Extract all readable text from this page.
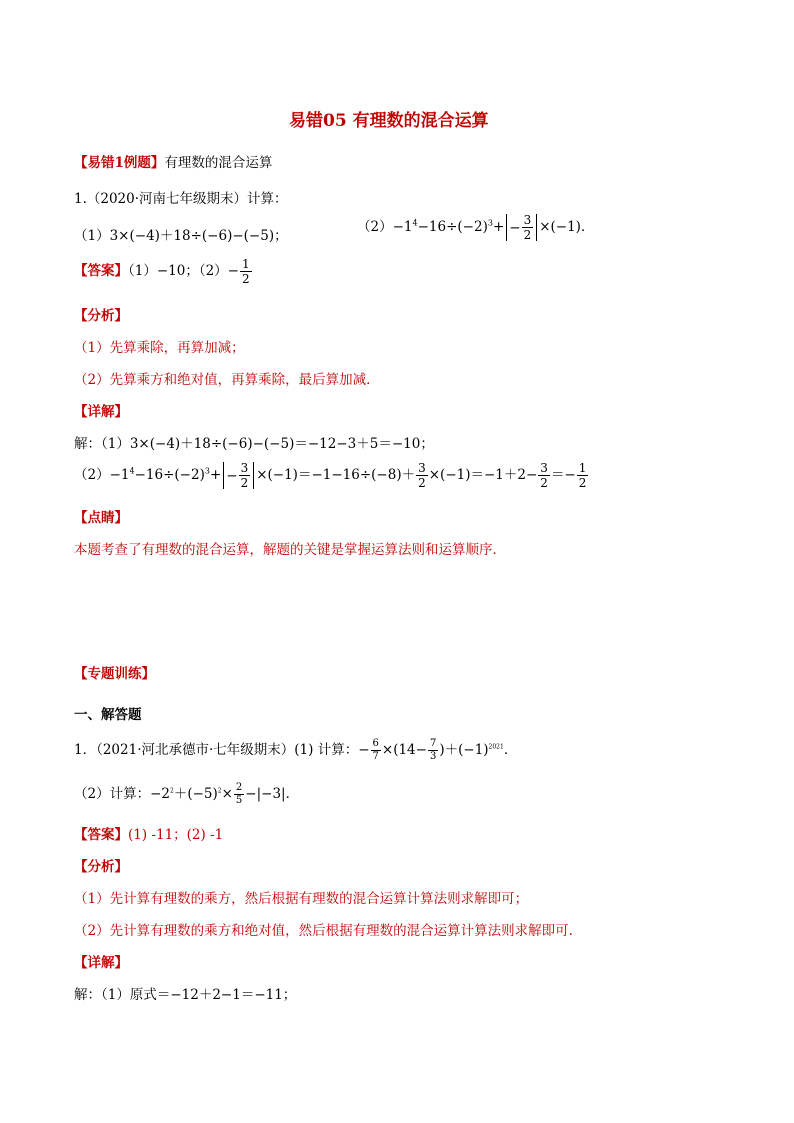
易错05 有理数的混合运算
【易错1例题】有理数的混合运算
1.（2020·河南七年级期末）计算：
（1）3×(−4)＋18÷(−6)−(−5)；
$(2)-1^4-16\div(-2)^3+ - \frac{3}{2} \times(-1)$．
【答案】（1）−10；$(2)- \frac{1}{2}$
【分析】
（1）先算乘除，再算加减；
（2）先算乘方和绝对值，再算乘除，最后算加减．
【详解】
解：（1）3×(−4)＋18÷(−6)−(−5)＝−12−3＋5＝−10；
$(2)-1^4-16\div(-2)^3+ - \frac{3}{2} \times(-1)=-1-16\div(-8)+ \frac{3}{2} \times(-1)=-1+2- \frac{3}{2} =- \frac{1}{2}$
【点睛】
本题考查了有理数的混合运算，解题的关键是掌握运算法则和运算顺序．
【专题训练】
一、解答题
1．（2021·河北承德市·七年级期末）(1) 计算：− $\frac{6}{7} \times(14- \frac{7}{3} )+(-1)^{2021}$．
（2）计算：$-2^2+(-5)^2\times \frac{2}{5} -|-3|$．
【答案】(1) -11；(2) -1
【分析】
（1）先计算有理数的乘方，然后根据有理数的混合运算计算法则求解即可；
（2）先计算有理数的乘方和绝对值，然后根据有理数的混合运算计算法则求解即可.
【详解】
解：（1）原式＝−12＋2−1＝−11；
